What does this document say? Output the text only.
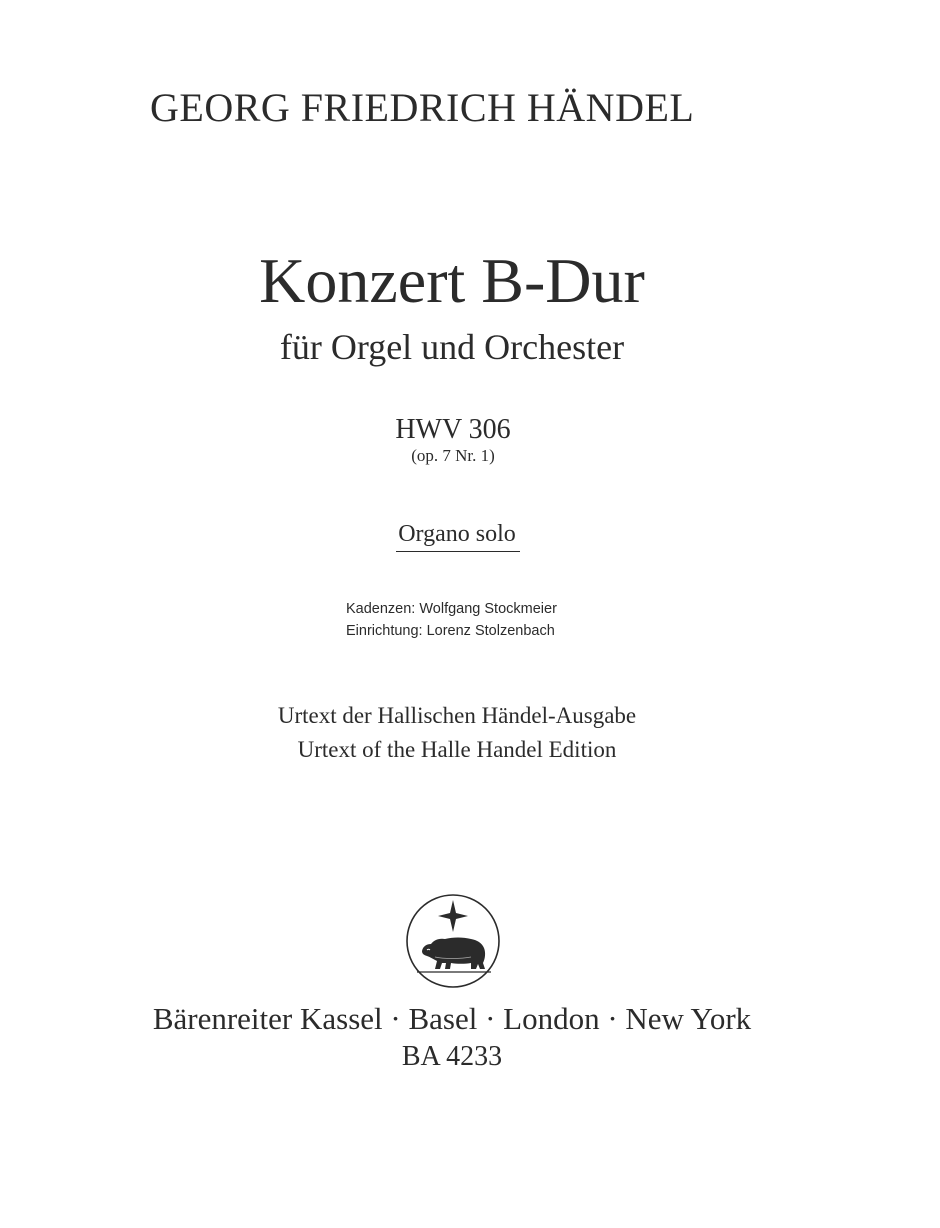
GEORG FRIEDRICH HÄNDEL
Konzert B-Dur
für Orgel und Orchester
HWV 306
(op. 7 Nr. 1)
Organo solo
Kadenzen: Wolfgang Stockmeier
Einrichtung: Lorenz Stolzenbach
Urtext der Hallischen Händel-Ausgabe
Urtext of the Halle Handel Edition
Bärenreiter Kassel · Basel · London · New York
BA 4233
